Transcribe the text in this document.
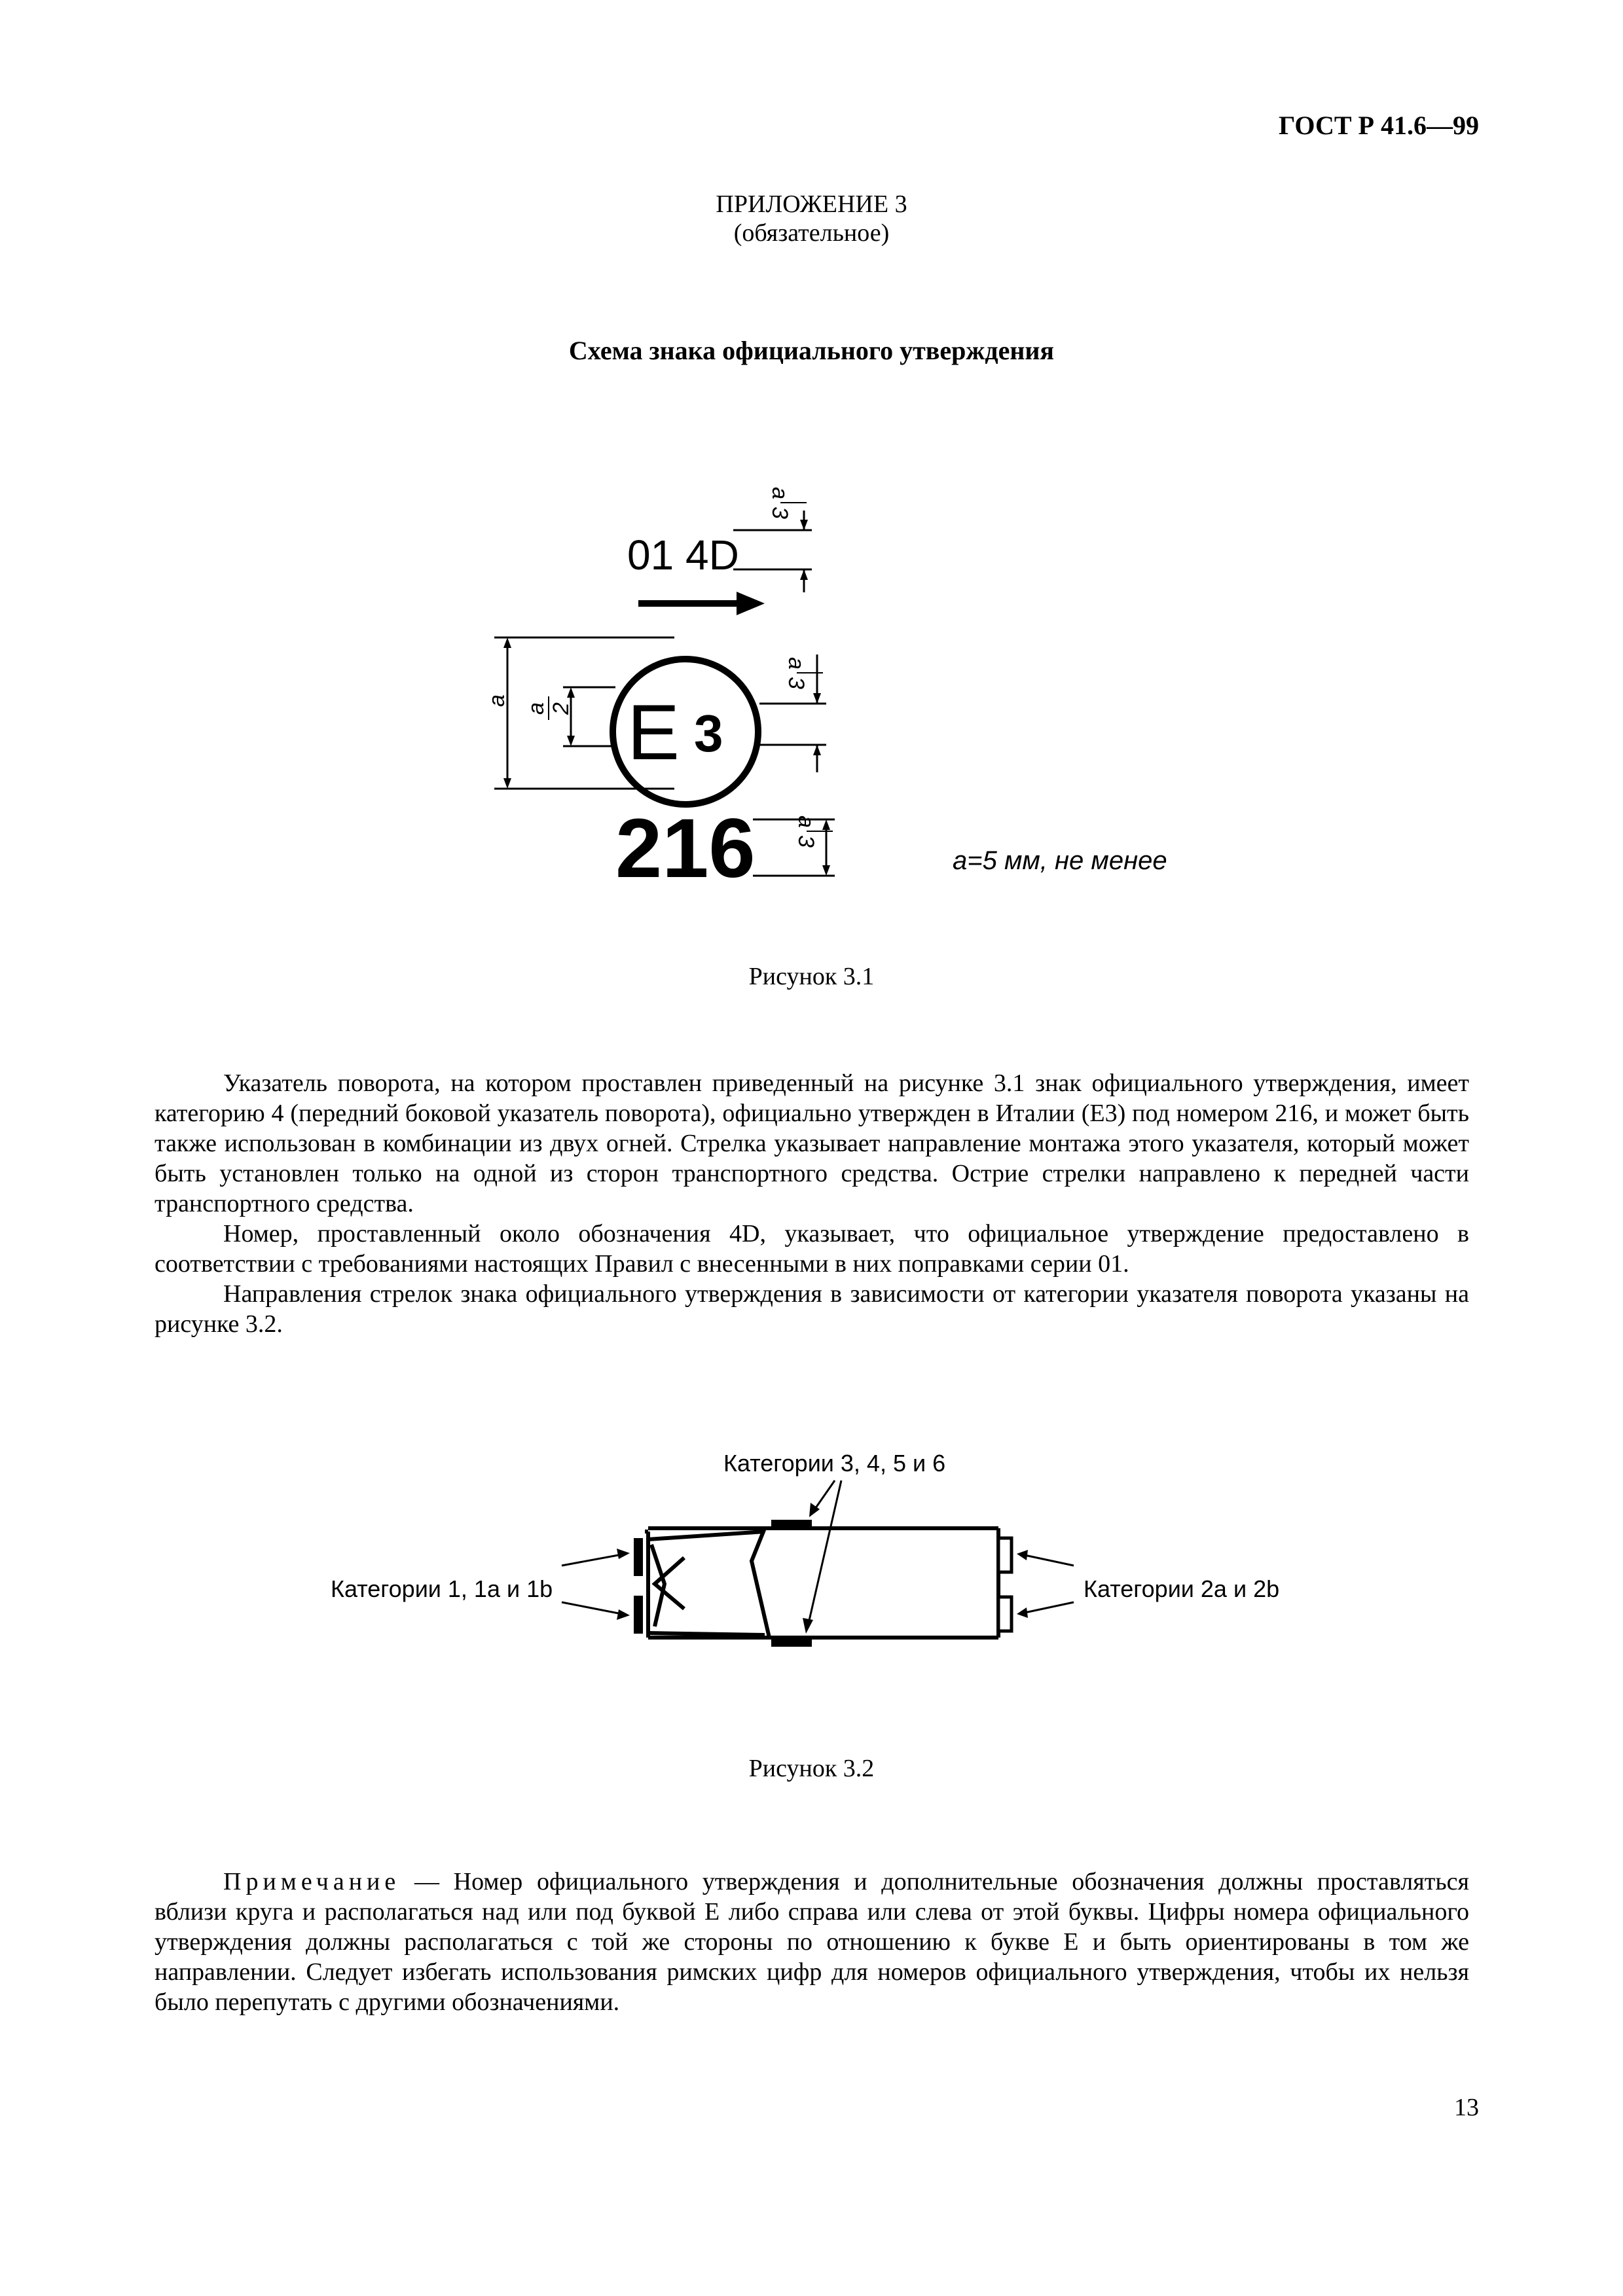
ГОСТ Р 41.6—99
ПРИЛОЖЕНИЕ 3
(обязательное)
Схема знака официального утверждения
01 4D
a
3
E 3
a
a 2
a
3
216 a
3
a=5 мм, не менее
Рисунок 3.1

Указатель поворота, на котором проставлен приведенный на рисунке 3.1 знак официального утверждения, имеет категорию 4 (передний боковой указатель поворота), официально утвержден в Италии (E3) под номером 216, и может быть также использован в комбинации из двух огней. Стрелка указывает направление монтажа этого указателя, который может быть установлен только на одной из сторон транспортного средства. Острие стрелки направлено к передней части транспортного средства.

Номер, проставленный около обозначения 4D, указывает, что официальное утверждение предоставлено в соответствии с требованиями настоящих Правил с внесенными в них поправками серии 01.

Направления стрелок знака официального утверждения в зависимости от категории указателя поворота указаны на рисунке 3.2.

Категории 3, 4, 5 и 6
Категории 1, 1a и 1b	Категории 2a и 2b
Рисунок 3.2

Примечание — Номер официального утверждения и дополнительные обозначения должны проставляться вблизи круга и располагаться над или под буквой E либо справа или слева от этой буквы. Цифры номера официального утверждения должны располагаться с той же стороны по отношению к букве E и быть ориентированы в том же направлении. Следует избегать использования римских цифр для номеров официального утверждения, чтобы их нельзя было перепутать с другими обозначениями.

13
